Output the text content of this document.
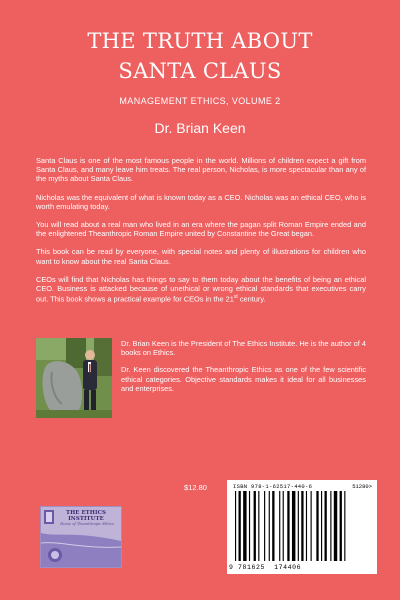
THE TRUTH ABOUT
SANTA CLAUS
MANAGEMENT ETHICS, VOLUME 2
Dr. Brian Keen

Santa Claus is one of the most famous people in the world. Millions of children expect a gift from Santa Claus, and many leave him treats. The real person, Nicholas, is more spectacular than any of the myths about Santa Claus.

Nicholas was the equivalent of what is known today as a CEO. Nicholas was an ethical CEO, who is worth emulating today.

You will read about a real man who lived in an era where the pagan split Roman Empire ended and the enlightened Theanthropic Roman Empire united by Constantine the Great began.

This book can be read by everyone, with special notes and plenty of illustrations for children who want to know about the real Santa Claus.

CEOs will find that Nicholas has things to say to them today about the benefits of being an ethical CEO. Business is attacked because of unethical or wrong ethical standards that executives carry out. This book shows a practical example for CEOs in the 21st century.

Dr. Brian Keen is the President of The Ethics Institute. He is the author of 4 books on Ethics.

Dr. Keen discovered the Theanthropic Ethics as one of the few scientific ethical categories. Objective standards makes it ideal for all businesses and enterprises.

$12.80	ISBN 978-1-62517-440-6	51280>
9 781625 174406
THE ETHICS INSTITUTE
Home of Theanthropic Ethics
